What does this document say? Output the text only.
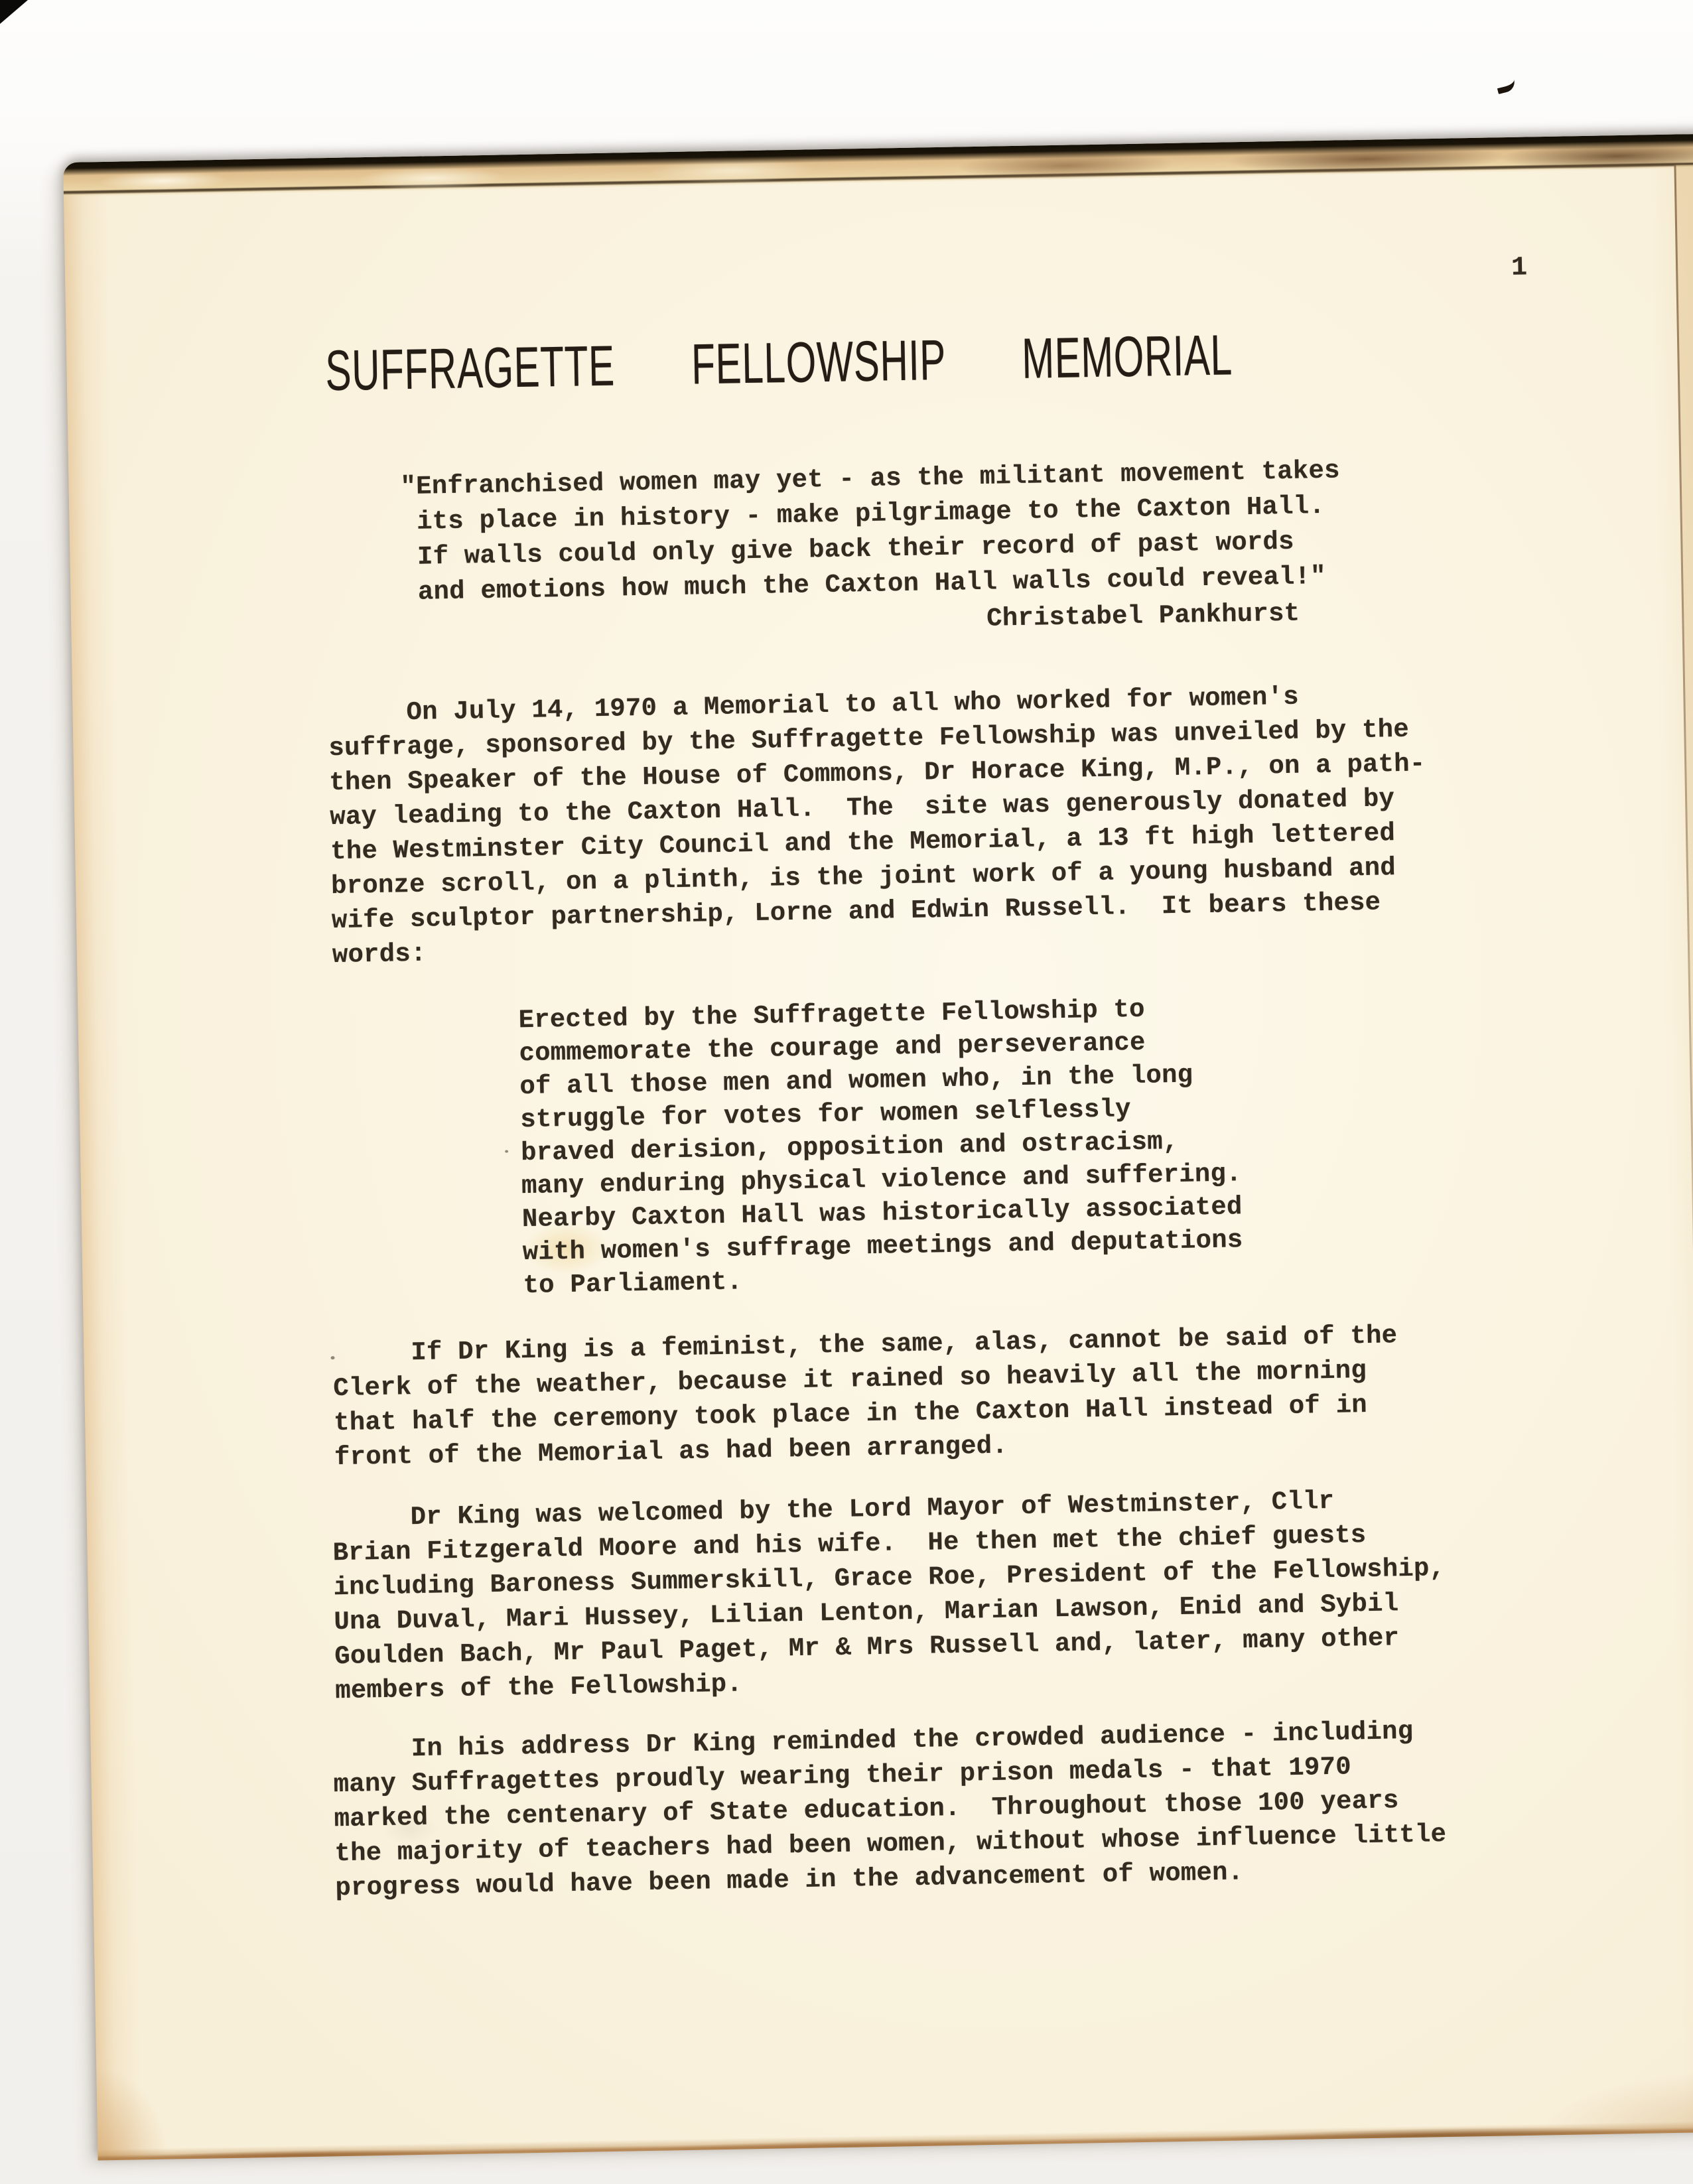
1
SUFFRAGETTE  FELLOWSHIP  MEMORIAL
"Enfranchised women may yet - as the militant movement takes
its place in history - make pilgrimage to the Caxton Hall.
If walls could only give back their record of past words
and emotions how much the Caxton Hall walls could reveal!"
Christabel Pankhurst
On July 14, 1970 a Memorial to all who worked for women's
suffrage, sponsored by the Suffragette Fellowship was unveiled by the
then Speaker of the House of Commons, Dr Horace King, M.P., on a path-
way leading to the Caxton Hall.  The  site was generously donated by
the Westminster City Council and the Memorial, a 13 ft high lettered
bronze scroll, on a plinth, is the joint work of a young husband and
wife sculptor partnership, Lorne and Edwin Russell.  It bears these
words:
Erected by the Suffragette Fellowship to
commemorate the courage and perseverance
of all those men and women who, in the long
struggle for votes for women selflessly
braved derision, opposition and ostracism,
many enduring physical violence and suffering.
Nearby Caxton Hall was historically associated
with women's suffrage meetings and deputations
to Parliament.
If Dr King is a feminist, the same, alas, cannot be said of the
Clerk of the weather, because it rained so heavily all the morning
that half the ceremony took place in the Caxton Hall instead of in
front of the Memorial as had been arranged.
Dr King was welcomed by the Lord Mayor of Westminster, Cllr
Brian Fitzgerald Moore and his wife.  He then met the chief guests
including Baroness Summerskill, Grace Roe, President of the Fellowship,
Una Duval, Mari Hussey, Lilian Lenton, Marian Lawson, Enid and Sybil
Goulden Bach, Mr Paul Paget, Mr & Mrs Russell and, later, many other
members of the Fellowship.
In his address Dr King reminded the crowded audience - including
many Suffragettes proudly wearing their prison medals - that 1970
marked the centenary of State education.  Throughout those 100 years
the majority of teachers had been women, without whose influence little
progress would have been made in the advancement of women.
